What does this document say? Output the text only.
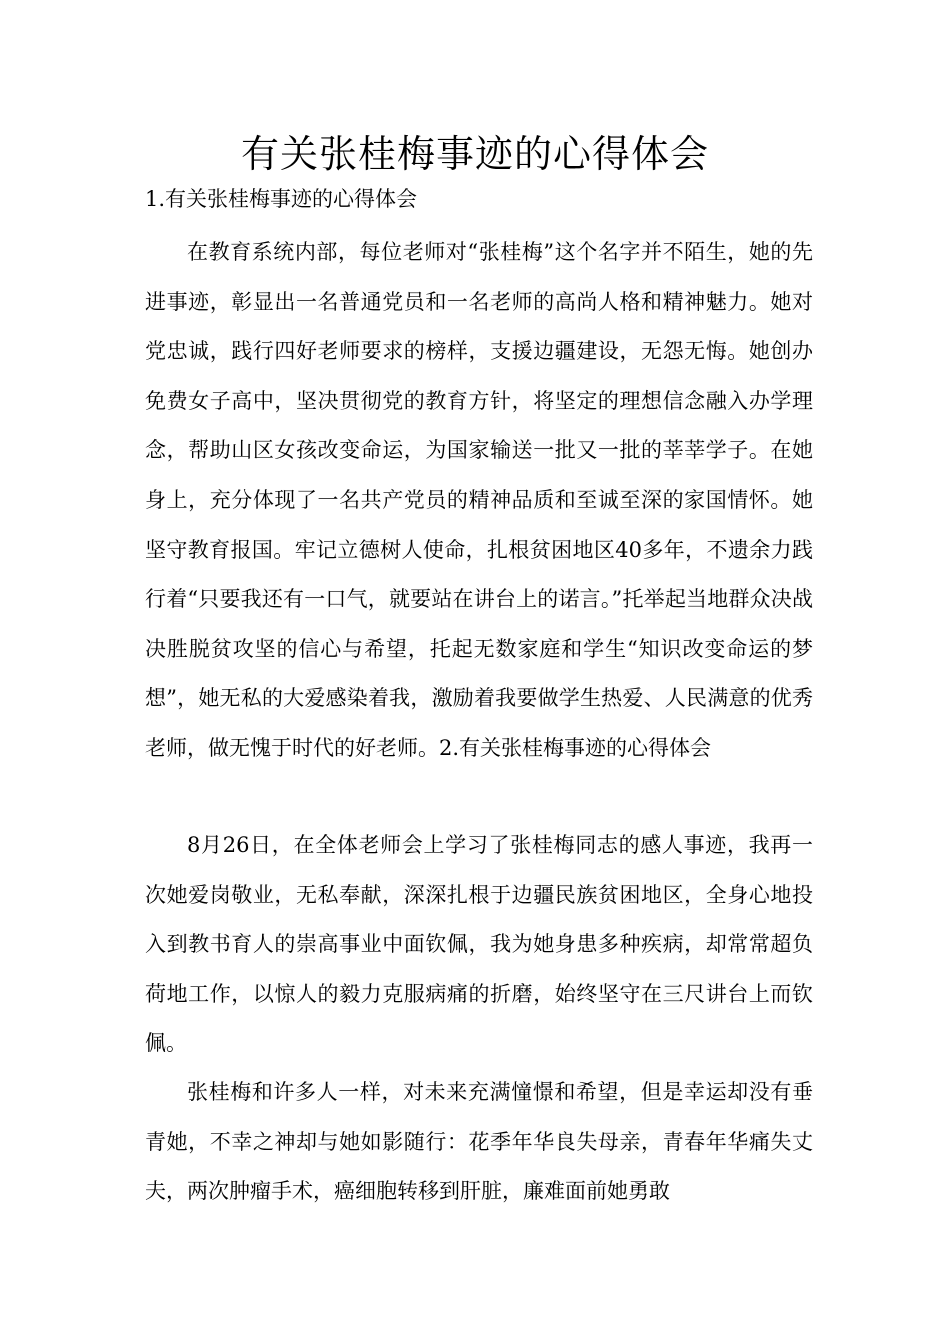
有关张桂梅事迹的心得体会

1.有关张桂梅事迹的心得体会

在教育系统内部，每位老师对“张桂梅”这个名字并不陌生，她的先进事迹，彰显出一名普通党员和一名老师的高尚人格和精神魅力。她对党忠诚，践行四好老师要求的榜样，支援边疆建设，无怨无悔。她创办免费女子高中，坚决贯彻党的教育方针，将坚定的理想信念融入办学理念，帮助山区女孩改变命运，为国家输送一批又一批的莘莘学子。在她身上，充分体现了一名共产党员的精神品质和至诚至深的家国情怀。她坚守教育报国。牢记立德树人使命，扎根贫困地区40多年，不遗余力践行着“只要我还有一口气，就要站在讲台上的诺言。”托举起当地群众决战决胜脱贫攻坚的信心与希望，托起无数家庭和学生“知识改变命运的梦想”，她无私的大爱感染着我，激励着我要做学生热爱、人民满意的优秀老师，做无愧于时代的好老师。2.有关张桂梅事迹的心得体会

8月26日，在全体老师会上学习了张桂梅同志的感人事迹，我再一次她爱岗敬业，无私奉献，深深扎根于边疆民族贫困地区，全身心地投入到教书育人的崇高事业中面钦佩，我为她身患多种疾病，却常常超负荷地工作，以惊人的毅力克服病痛的折磨，始终坚守在三尺讲台上而钦佩。

张桂梅和许多人一样，对未来充满憧憬和希望，但是幸运却没有垂青她，不幸之神却与她如影随行：花季年华良失母亲，青春年华痛失丈夫，两次肿瘤手术，癌细胞转移到肝脏，廉难面前她勇敢
